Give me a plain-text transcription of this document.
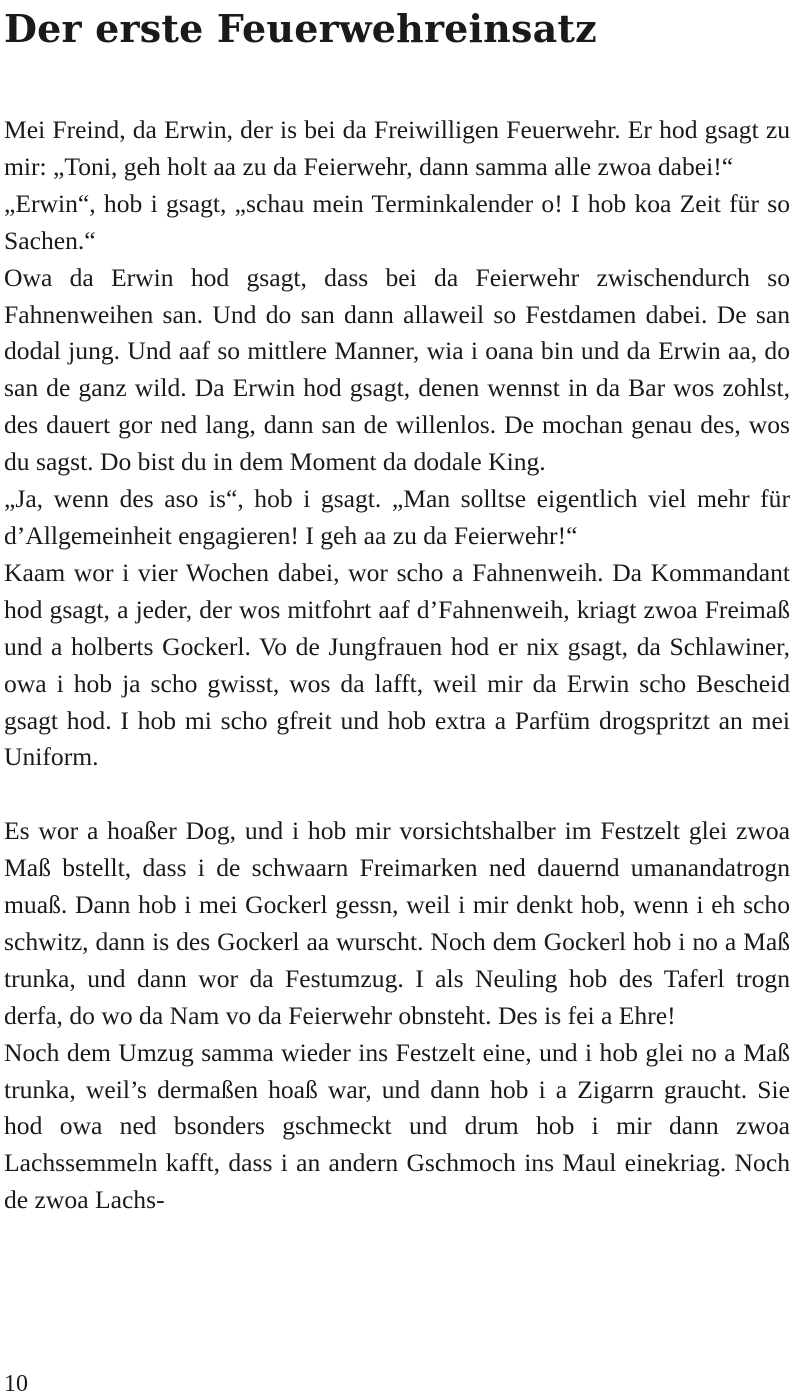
Der erste Feuerwehreinsatz

Mei Freind, da Erwin, der is bei da Freiwilligen Feuerwehr. Er hod gsagt zu mir: „Toni, geh holt aa zu da Feierwehr, dann samma alle zwoa dabei!“

„Erwin“, hob i gsagt, „schau mein Terminkalender o! I hob koa Zeit für so Sachen.“

Owa da Erwin hod gsagt, dass bei da Feierwehr zwischendurch so Fahnenweihen san. Und do san dann allaweil so Festdamen dabei. De san dodal jung. Und aaf so mittlere Manner, wia i oana bin und da Erwin aa, do san de ganz wild. Da Erwin hod gsagt, denen wennst in da Bar wos zohlst, des dauert gor ned lang, dann san de willenlos. De mochan genau des, wos du sagst. Do bist du in dem Moment da dodale King.

„Ja, wenn des aso is“, hob i gsagt. „Man solltse eigentlich viel mehr für d’Allgemeinheit engagieren! I geh aa zu da Feierwehr!“

Kaam wor i vier Wochen dabei, wor scho a Fahnenweih. Da Kommandant hod gsagt, a jeder, der wos mitfohrt aaf d’Fahnenweih, kriagt zwoa Freimaß und a holberts Gockerl. Vo de Jungfrauen hod er nix gsagt, da Schlawiner, owa i hob ja scho gwisst, wos da lafft, weil mir da Erwin scho Bescheid gsagt hod. I hob mi scho gfreit und hob extra a Parfüm drogspritzt an mei Uniform.

Es wor a hoaßer Dog, und i hob mir vorsichtshalber im Festzelt glei zwoa Maß bstellt, dass i de schwaarn Freimarken ned dauernd umanandatrogn muaß. Dann hob i mei Gockerl gessn, weil i mir denkt hob, wenn i eh scho schwitz, dann is des Gockerl aa wurscht. Noch dem Gockerl hob i no a Maß trunka, und dann wor da Festumzug. I als Neuling hob des Taferl trogn derfa, do wo da Nam vo da Feierwehr obnsteht. Des is fei a Ehre!

Noch dem Umzug samma wieder ins Festzelt eine, und i hob glei no a Maß trunka, weil’s dermaßen hoaß war, und dann hob i a Zigarrn graucht. Sie hod owa ned bsonders gschmeckt und drum hob i mir dann zwoa Lachssemmeln kafft, dass i an andern Gschmoch ins Maul einekriag. Noch de zwoa Lachs-

10
